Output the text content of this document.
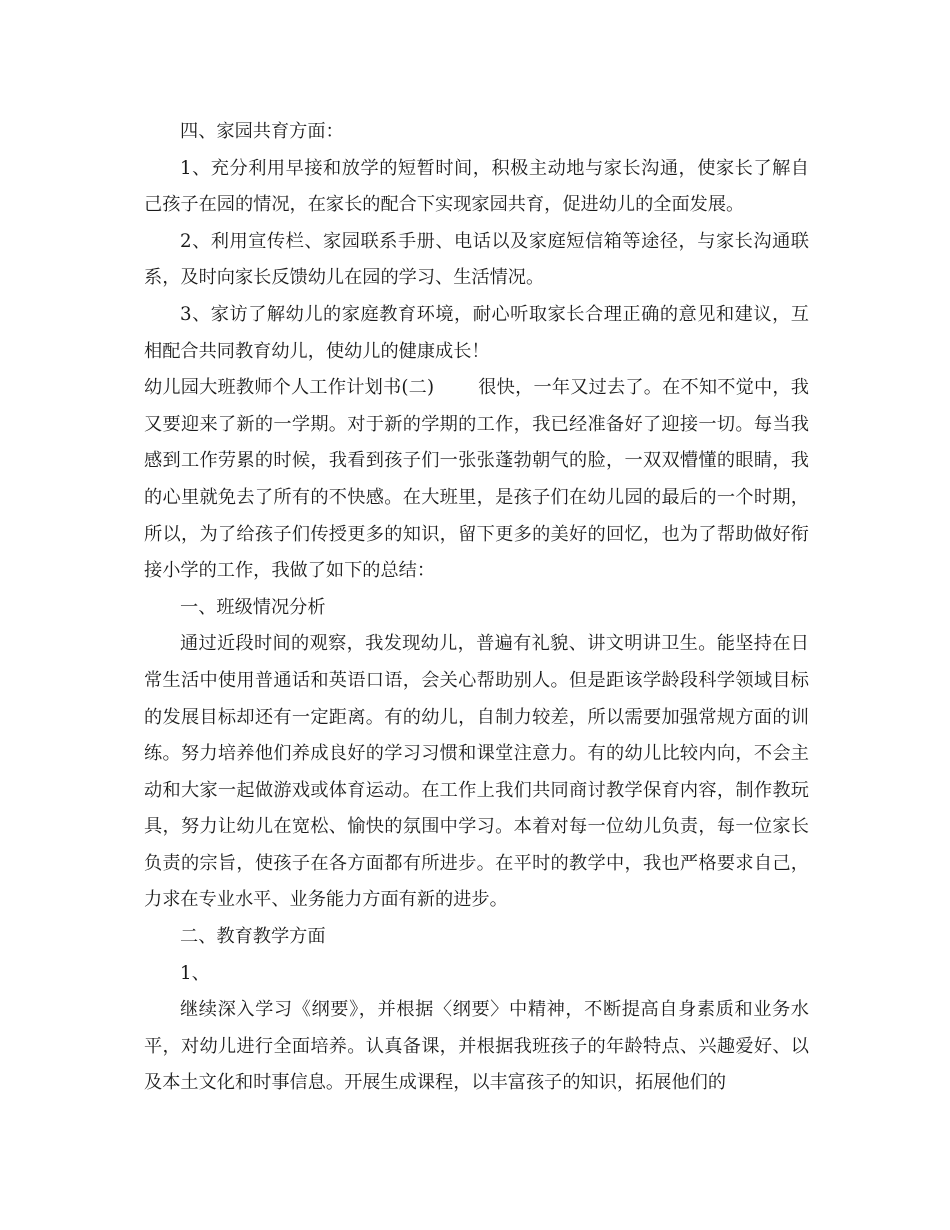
四、家园共育方面：

1、充分利用早接和放学的短暂时间，积极主动地与家长沟通，使家长了解自己孩子在园的情况，在家长的配合下实现家园共育，促进幼儿的全面发展。

2、利用宣传栏、家园联系手册、电话以及家庭短信箱等途径，与家长沟通联系，及时向家长反馈幼儿在园的学习、生活情况。

3、家访了解幼儿的家庭教育环境，耐心听取家长合理正确的意见和建议，互相配合共同教育幼儿，使幼儿的健康成长！

幼儿园大班教师个人工作计划书(二) 很快，一年又过去了。在不知不觉中，我又要迎来了新的一学期。对于新的学期的工作，我已经准备好了迎接一切。每当我感到工作劳累的时候，我看到孩子们一张张蓬勃朝气的脸，一双双懵懂的眼睛，我的心里就免去了所有的不快感。在大班里，是孩子们在幼儿园的最后的一个时期，所以，为了给孩子们传授更多的知识，留下更多的美好的回忆，也为了帮助做好衔接小学的工作，我做了如下的总结：

一、班级情况分析

通过近段时间的观察，我发现幼儿，普遍有礼貌、讲文明讲卫生。能坚持在日常生活中使用普通话和英语口语，会关心帮助别人。但是距该学龄段科学领域目标的发展目标却还有一定距离。有的幼儿，自制力较差，所以需要加强常规方面的训练。努力培养他们养成良好的学习习惯和课堂注意力。有的幼儿比较内向，不会主动和大家一起做游戏或体育运动。在工作上我们共同商讨教学保育内容，制作教玩具，努力让幼儿在宽松、愉快的氛围中学习。本着对每一位幼儿负责，每一位家长负责的宗旨，使孩子在各方面都有所进步。在平时的教学中，我也严格要求自己，力求在专业水平、业务能力方面有新的进步。

二、教育教学方面

1、

继续深入学习《纲要》，并根据〈纲要〉中精神，不断提高自身素质和业务水平，对幼儿进行全面培养。认真备课，并根据我班孩子的年龄特点、兴趣爱好、以及本土文化和时事信息。开展生成课程，以丰富孩子的知识，拓展他们的
